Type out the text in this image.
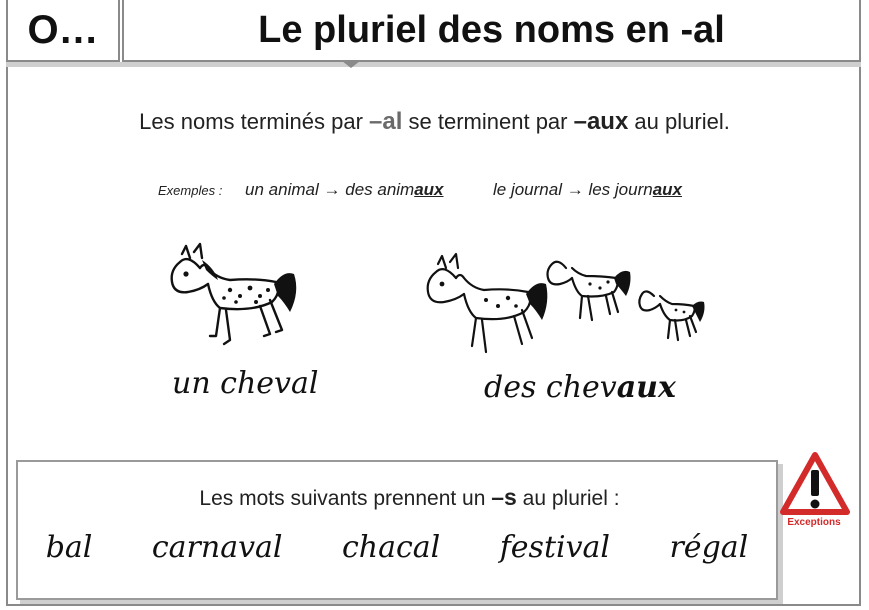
O…	Le pluriel des noms en -al
Les noms terminés par –al se terminent par –aux au pluriel.
Exemples : un animal → des animaux	le journal → les journaux
un cheval	des chevaux
Les mots suivants prennent un –s au pluriel :
bal carnaval chacal festival régal
Exceptions
